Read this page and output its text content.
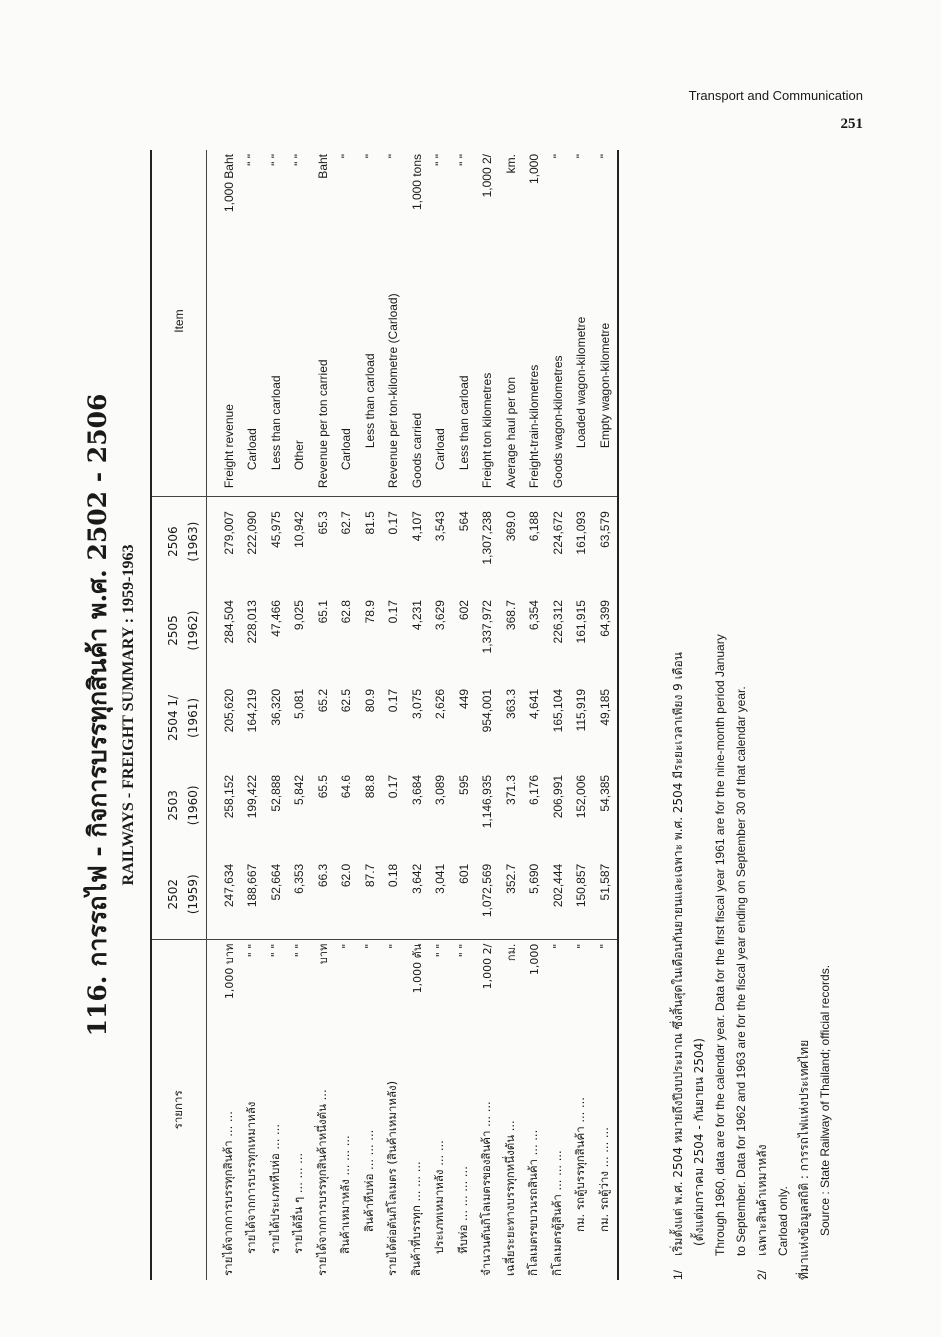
Transport and Communication
251
116. การรถไฟ - กิจการบรรทุกสินค้า พ.ศ. 2502 - 2506 RAILWAYS - FREIGHT SUMMARY : 1959-1963
รายการ		2502	2503	2504 1/	2505	2506	Item	
		(1959)	(1960)	(1961)	(1962)	(1963)		
รายได้จากการบรรทุกสินค้า ... ...	1,000 บาท	247,634	258,152	205,620	284,504	279,007	Freight revenue	1,000 Baht
รายได้จากการบรรทุกเหมาหลัง	" "	188,667	199,422	164,219	228,013	222,090	Carload	" "
รายได้ประเภทหีบห่อ ... ...	" "	52,664	52,888	36,320	47,466	45,975	Less than carload	" "
รายได้อื่น ๆ ... ... ...	" "	6,353	5,842	5,081	9,025	10,942	Other	" "
รายได้จากการบรรทุกสินค้าหนึ่งตัน ...	บาท	66.3	65.5	65.2	65.1	65.3	Revenue per ton carried	Baht
สินค้าเหมาหลัง ... ... ...	"	62.0	64.6	62.5	62.8	62.7	Carload	"
สินค้าหีบห่อ ... ... ...	"	87.7	88.8	80.9	78.9	81.5	Less than carload	"
รายได้ต่อตันกิโลเมตร (สินค้าเหมาหลัง)	"	0.18	0.17	0.17	0.17	0.17	Revenue per ton-kilometre (Carload)	"
สินค้าที่บรรทุก ... ... ...	1,000 ตัน	3,642	3,684	3,075	4,231	4,107	Goods carried	1,000 tons
ประเภทเหมาหลัง ... ...	" "	3,041	3,089	2,626	3,629	3,543	Carload	" "
หีบห่อ ... ... ... ...	" "	601	595	449	602	564	Less than carload	" "
จำนวนตันกิโลเมตรของสินค้า ... ...	1,000 2/	1,072,569	1,146,935	954,001	1,337,972	1,307,238	Freight ton kilometres	1,000 2/
เฉลี่ยระยะทางบรรทุกหนึ่งตัน ...	กม.	352.7	371.3	363.3	368.7	369.0	Average haul per ton	km.
กิโลเมตรขบวนรถสินค้า ... ...	1,000	5,690	6,176	4,641	6,354	6,188	Freight-train-kilometres	1,000
กิโลเมตรตู้สินค้า ... ... ...	"	202,444	206,991	165,104	226,312	224,672	Goods wagon-kilometres	"
กม. รถตู้บรรทุกสินค้า ... ...	"	150,857	152,006	115,919	161,915	161,093	Loaded wagon-kilometre	"
กม. รถตู้ว่าง ... ... ...	"	51,587	54,385	49,185	64,399	63,579	Empty wagon-kilometre	"
1/เริ่มตั้งแต่ พ.ศ. 2504 หมายถึงปีงบประมาณ ซึ่งสิ้นสุดในเดือนกันยายนและเฉพาะ พ.ศ. 2504 มีระยะเวลาเพียง 9 เดือน (ตั้งแต่มกราคม 2504 - กันยายน 2504) Through 1960, data are for the calendar year. Data for the first fiscal year 1961 are for the nine-month period January to September. Data for 1962 and 1963 are for the fiscal year ending on September 30 of that calendar year.
2/เฉพาะสินค้าเหมาหลัง Carload only. ที่มาแห่งข้อมูลสถิติ : การรถไฟแห่งประเทศไทย Source : State Railway of Thailand; official records.
